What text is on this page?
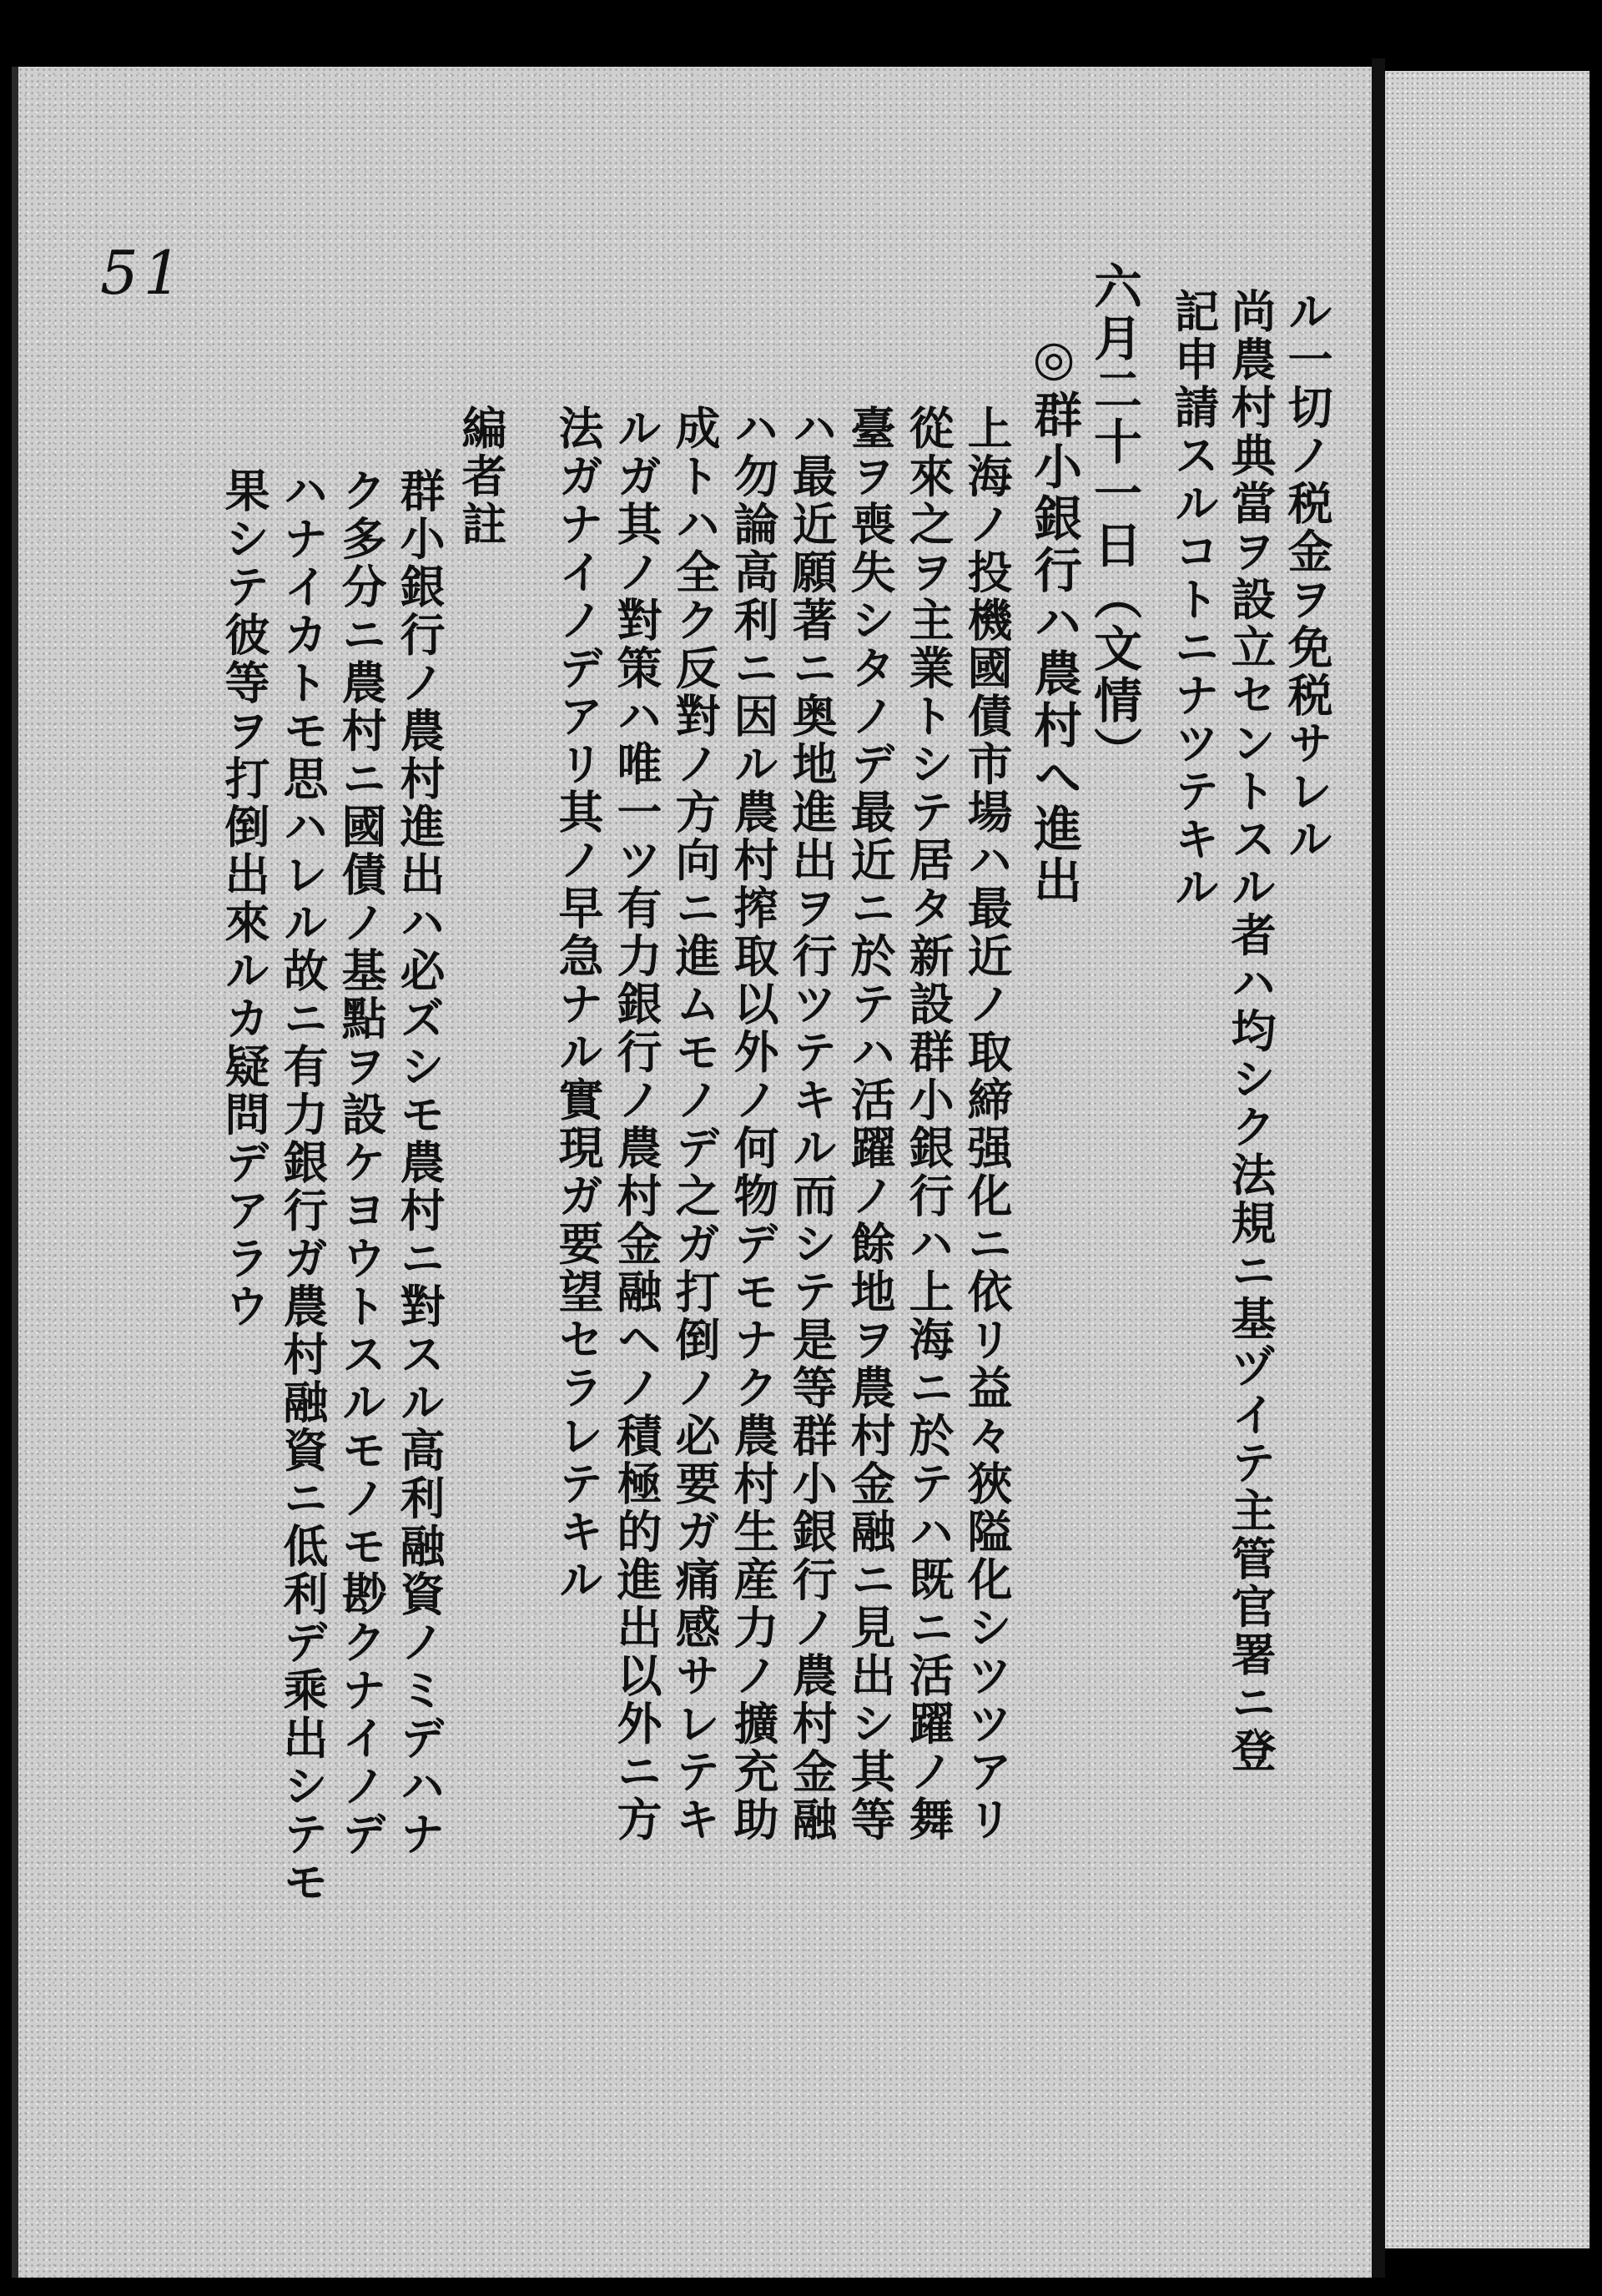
51
ル一切ノ税金ヲ免税サレル
尚農村典當ヲ設立セントスル者ハ均シク法規ニ基ヅイテ主管官署ニ登
記申請スルコトニナツテキル
六月二十一日（文情）
◎群小銀行ハ農村へ進出
上海ノ投機國債市場ハ最近ノ取締强化ニ依リ益々狹隘化シツツアリ
從來之ヲ主業トシテ居タ新設群小銀行ハ上海ニ於テハ既ニ活躍ノ舞
臺ヲ喪失シタノデ最近ニ於テハ活躍ノ餘地ヲ農村金融ニ見出シ其等
ハ最近願著ニ奥地進出ヲ行ツテキル而シテ是等群小銀行ノ農村金融
ハ勿論高利ニ因ル農村搾取以外ノ何物デモナク農村生産力ノ擴充助
成トハ全ク反對ノ方向ニ進ムモノデ之ガ打倒ノ必要ガ痛感サレテキ
ルガ其ノ對策ハ唯一ツ有力銀行ノ農村金融ヘノ積極的進出以外ニ方
法ガナイノデアリ其ノ早急ナル實現ガ要望セラレテキル
編者註
群小銀行ノ農村進出ハ必ズシモ農村ニ對スル高利融資ノミデハナ
ク多分ニ農村ニ國債ノ基點ヲ設ケヨウトスルモノモ尠クナイノデ
ハナイカトモ思ハレル故ニ有力銀行ガ農村融資ニ低利デ乘出シテモ
果シテ彼等ヲ打倒出來ルカ疑問デアラウ
